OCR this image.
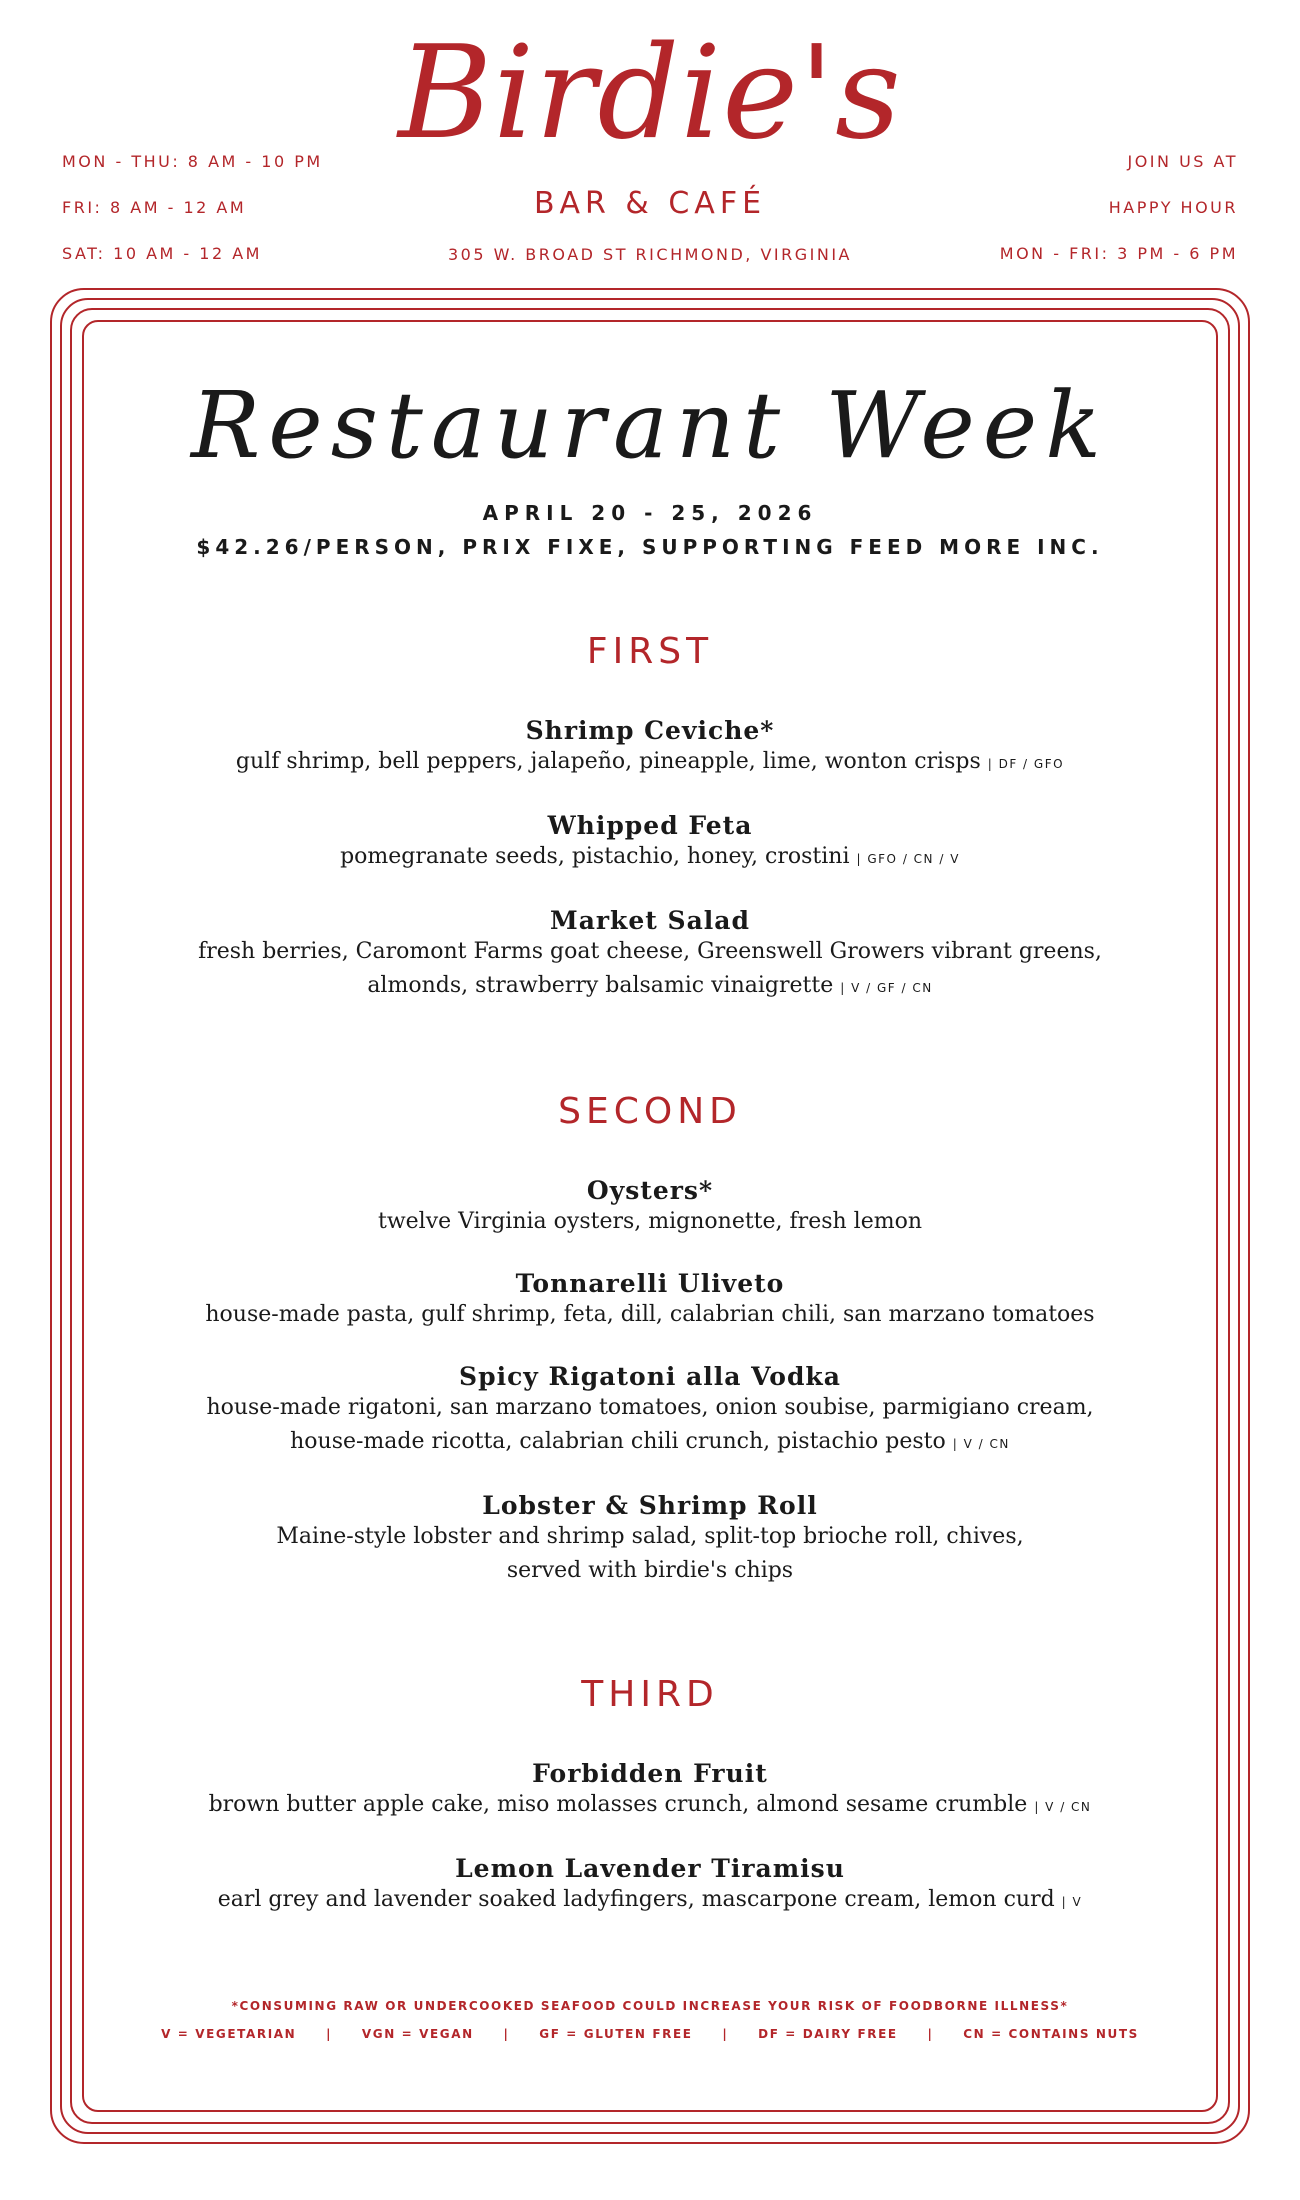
MON - THU: 8 AM - 10 PM
FRI: 8 AM - 12 AM
SAT: 10 AM - 12 AM
JOIN US AT
HAPPY HOUR
MON - FRI: 3 PM - 6 PM
Birdie's
BAR & CAFÉ
305 W. BROAD ST RICHMOND, VIRGINIA
Restaurant Week
APRIL 20 - 25, 2026
$42.26/PERSON, PRIX FIXE, SUPPORTING FEED MORE INC.
FIRST
Shrimp Ceviche*
gulf shrimp, bell peppers, jalapeño, pineapple, lime, wonton crisps | DF / GFO
Whipped Feta
pomegranate seeds, pistachio, honey, crostini | GFO / CN / V
Market Salad
fresh berries, Caromont Farms goat cheese, Greenswell Growers vibrant greens,
almonds, strawberry balsamic vinaigrette | V / GF / CN
SECOND
Oysters*
twelve Virginia oysters, mignonette, fresh lemon
Tonnarelli Uliveto
house-made pasta, gulf shrimp, feta, dill, calabrian chili, san marzano tomatoes
Spicy Rigatoni alla Vodka
house-made rigatoni, san marzano tomatoes, onion soubise, parmigiano cream,
house-made ricotta, calabrian chili crunch, pistachio pesto | V / CN
Lobster & Shrimp Roll
Maine-style lobster and shrimp salad, split-top brioche roll, chives,
served with birdie's chips
THIRD
Forbidden Fruit
brown butter apple cake, miso molasses crunch, almond sesame crumble | V / CN
Lemon Lavender Tiramisu
earl grey and lavender soaked ladyfingers, mascarpone cream, lemon curd | V
*CONSUMING RAW OR UNDERCOOKED SEAFOOD COULD INCREASE YOUR RISK OF FOODBORNE ILLNESS*
V = VEGETARIAN | VGN = VEGAN | GF = GLUTEN FREE | DF = DAIRY FREE | CN = CONTAINS NUTS
